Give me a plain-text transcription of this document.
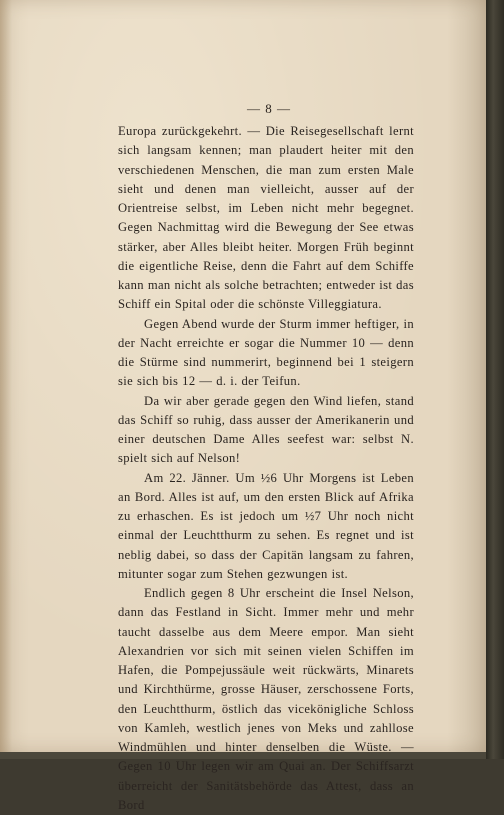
— 8 —

Europa zurückgekehrt. — Die Reisegesellschaft lernt sich langsam kennen; man plaudert heiter mit den verschiedenen Menschen, die man zum ersten Male sieht und denen man vielleicht, ausser auf der Orientreise selbst, im Leben nicht mehr begegnet. Gegen Nachmittag wird die Bewegung der See etwas stärker, aber Alles bleibt heiter. Morgen Früh beginnt die eigentliche Reise, denn die Fahrt auf dem Schiffe kann man nicht als solche betrachten; entweder ist das Schiff ein Spital oder die schönste Villeggiatura.

Gegen Abend wurde der Sturm immer heftiger, in der Nacht erreichte er sogar die Nummer 10 — denn die Stürme sind nummerirt, beginnend bei 1 steigern sie sich bis 12 — d. i. der Teifun.

Da wir aber gerade gegen den Wind liefen, stand das Schiff so ruhig, dass ausser der Amerikanerin und einer deutschen Dame Alles seefest war: selbst N. spielt sich auf Nelson!

Am 22. Jänner. Um ½6 Uhr Morgens ist Leben an Bord. Alles ist auf, um den ersten Blick auf Afrika zu erhaschen. Es ist jedoch um ½7 Uhr noch nicht einmal der Leuchtthurm zu sehen. Es regnet und ist neblig dabei, so dass der Capitän langsam zu fahren, mitunter sogar zum Stehen gezwungen ist.

Endlich gegen 8 Uhr erscheint die Insel Nelson, dann das Festland in Sicht. Immer mehr und mehr taucht dasselbe aus dem Meere empor. Man sieht Alexandrien vor sich mit seinen vielen Schiffen im Hafen, die Pompejussäule weit rückwärts, Minarets und Kirchthürme, grosse Häuser, zerschossene Forts, den Leuchtthurm, östlich das vicekönigliche Schloss von Kamleh, westlich jenes von Meks und zahllose Windmühlen und hinter denselben die Wüste. — Gegen 10 Uhr legen wir am Quai an. Der Schiffsarzt überreicht der Sanitätsbehörde das Attest, dass an Bord
